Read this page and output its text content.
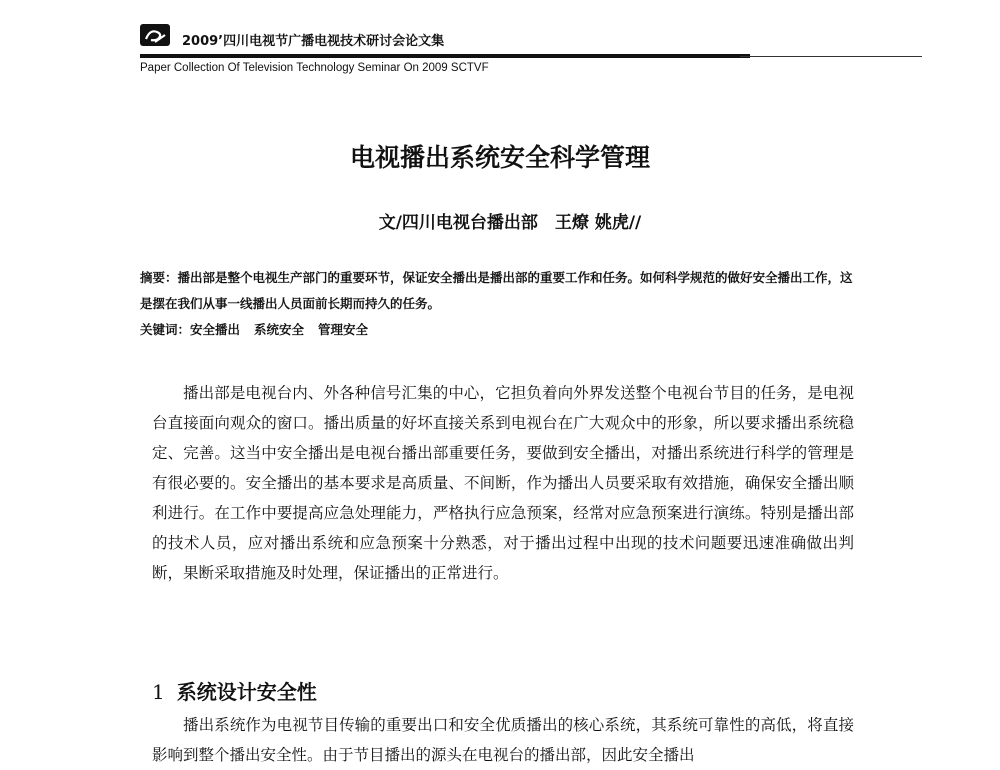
2009’四川电视节广播电视技术研讨会论文集
Paper Collection Of Television Technology Seminar On 2009 SCTVF
电视播出系统安全科学管理
文/四川电视台播出部　王燎 姚虎//

摘要：播出部是整个电视生产部门的重要环节，保证安全播出是播出部的重要工作和任务。如何科学规范的做好安全播出工作，这是摆在我们从事一线播出人员面前长期而持久的任务。

关键词：安全播出 系统安全 管理安全

播出部是电视台内、外各种信号汇集的中心，它担负着向外界发送整个电视台节目的任务，是电视台直接面向观众的窗口。播出质量的好坏直接关系到电视台在广大观众中的形象，所以要求播出系统稳定、完善。这当中安全播出是电视台播出部重要任务，要做到安全播出，对播出系统进行科学的管理是有很必要的。安全播出的基本要求是高质量、不间断，作为播出人员要采取有效措施，确保安全播出顺利进行。在工作中要提高应急处理能力，严格执行应急预案，经常对应急预案进行演练。特别是播出部的技术人员，应对播出系统和应急预案十分熟悉，对于播出过程中出现的技术问题要迅速准确做出判断，果断采取措施及时处理，保证播出的正常进行。

1 系统设计安全性

播出系统作为电视节目传输的重要出口和安全优质播出的核心系统，其系统可靠性的高低，将直接影响到整个播出安全性。由于节目播出的源头在电视台的播出部，因此安全播出
